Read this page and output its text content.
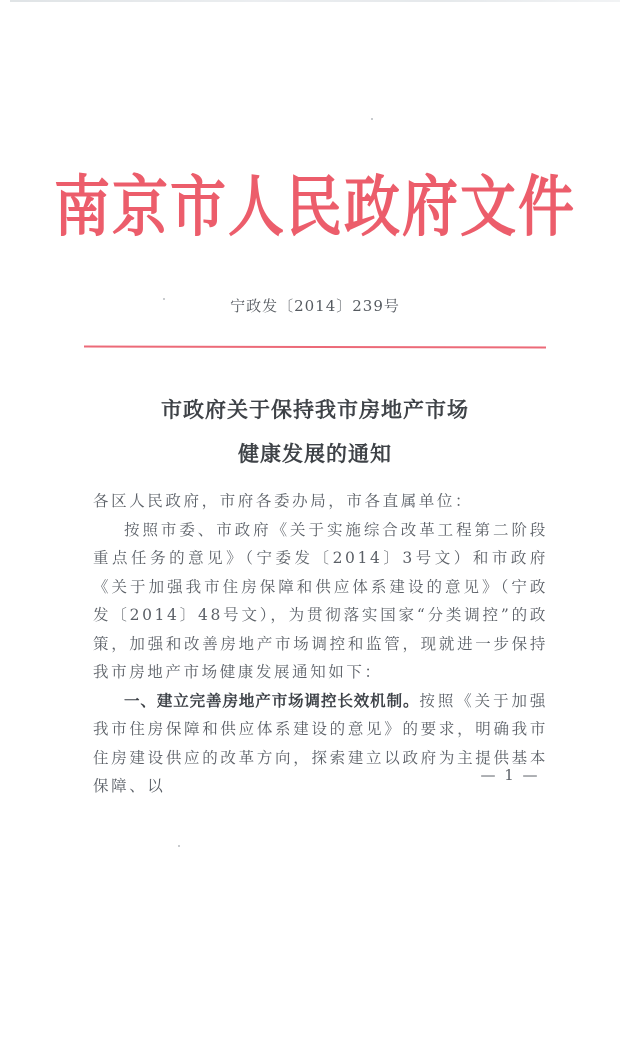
南京市人民政府文件
宁政发〔2014〕239号
市政府关于保持我市房地产市场
健康发展的通知

各区人民政府，市府各委办局，市各直属单位：

按照市委、市政府《关于实施综合改革工程第二阶段重点任务的意见》（宁委发〔2014〕3号文）和市政府《关于加强我市住房保障和供应体系建设的意见》（宁政发〔2014〕48号文），为贯彻落实国家“分类调控”的政策，加强和改善房地产市场调控和监管，现就进一步保持我市房地产市场健康发展通知如下：

一、建立完善房地产市场调控长效机制。按照《关于加强我市住房保障和供应体系建设的意见》的要求，明确我市住房建设供应的改革方向，探索建立以政府为主提供基本保障、以

— 1 —
